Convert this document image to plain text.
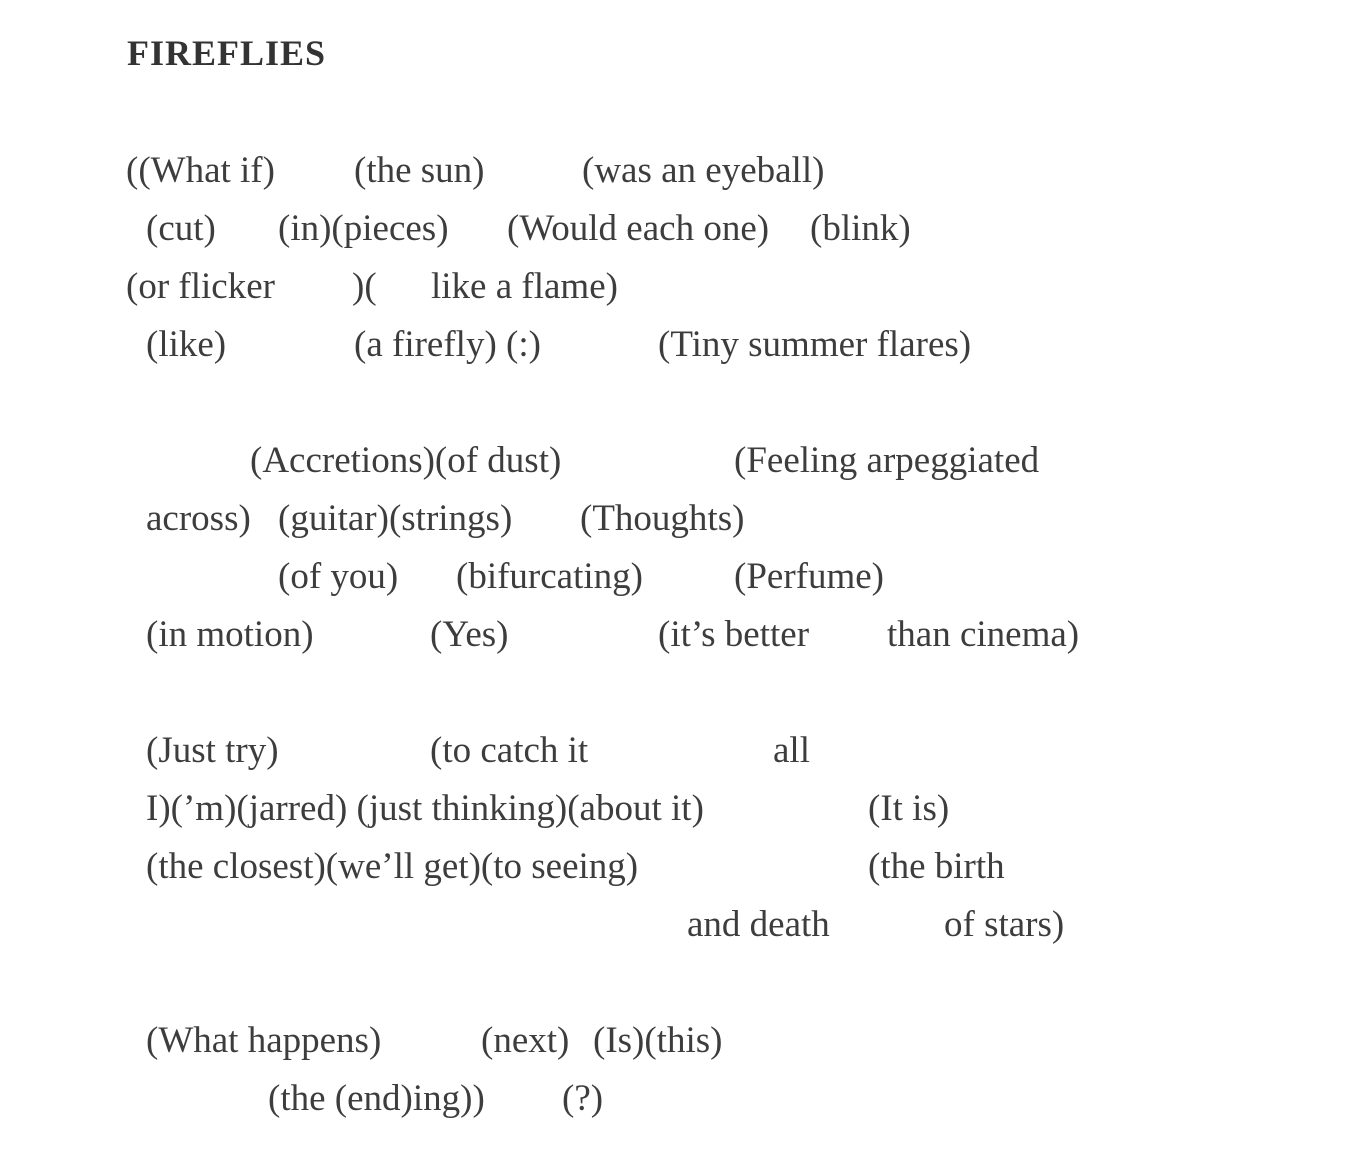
FIREFLIES
((What if) (the sun)	(was an eyeball)
(cut) (in)(pieces) (Would each one) (blink)
(or flicker )( like a flame)
(like)	(a firefly) (:)	(Tiny summer flares)
(Accretions)(of dust)	(Feeling arpeggiated
across) (guitar)(strings) (Thoughts)
(of you) (bifurcating) (Perfume)
(in motion)	(Yes)	(it’s better than cinema)
(Just try)	(to catch it	all
I)(’m)(jarred) (just thinking)(about it)	(It is)
(the closest)(we’ll get)(to seeing)	(the birth
and death	of stars)
(What happens)	(next) (Is)(this)
(the (end)ing)) (?)
